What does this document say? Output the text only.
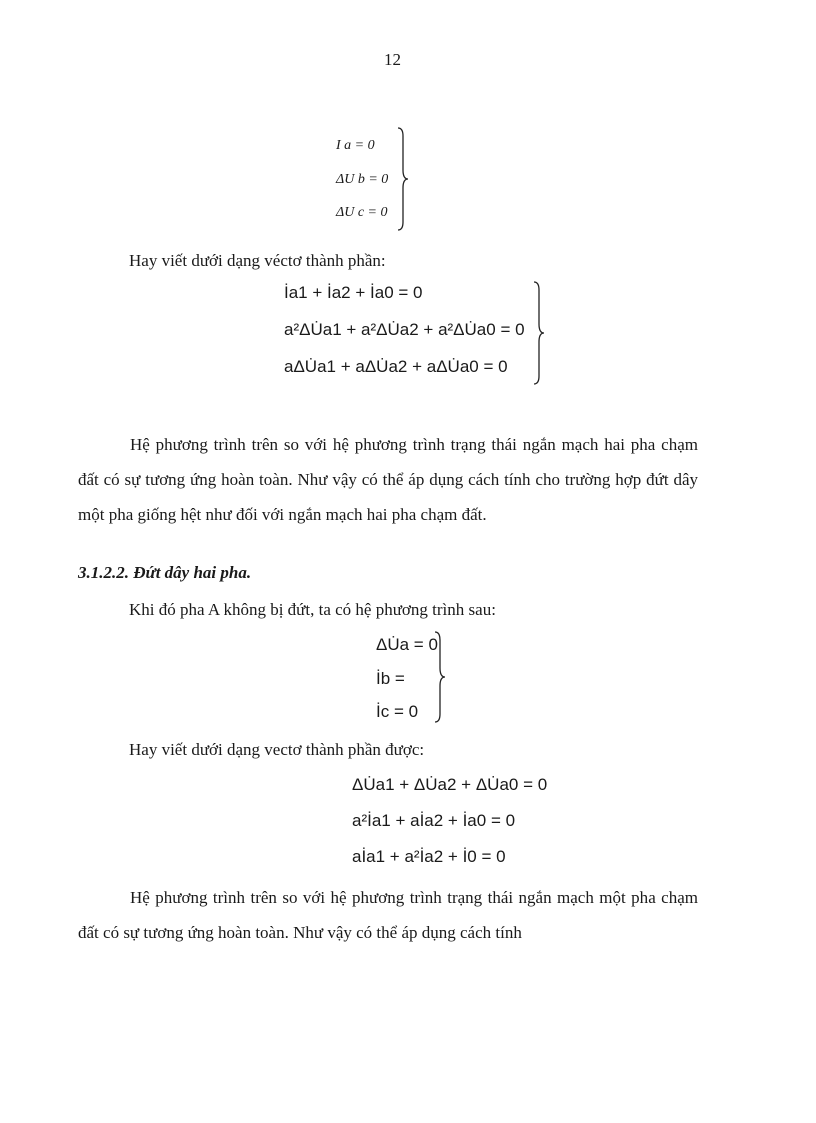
12
I a = 0
ΔU b = 0
ΔU c = 0
Hay viết dưới dạng véctơ thành phần:
İa1 + İa2 + İa0 = 0
a²ΔU̇a1 + a²ΔU̇a2 + a²ΔU̇a0 = 0
aΔU̇a1 + aΔU̇a2 + aΔU̇a0 = 0
Hệ phương trình trên so với hệ phương trình trạng thái ngắn mạch hai pha chạm đất có sự tương ứng hoàn toàn. Như vậy có thể áp dụng cách tính cho trường hợp đứt dây một pha giống hệt như đối với ngắn mạch hai pha chạm đất.
3.1.2.2. Đứt dây hai pha.
Khi đó pha A không bị đứt, ta có hệ phương trình sau:
ΔU̇a = 0
İb =
İc = 0
Hay viết dưới dạng vectơ thành phần được:
ΔU̇a1 + ΔU̇a2 + ΔU̇a0 = 0
a²İa1 + aİa2 + İa0 = 0
aİa1 + a²İa2 + İ0 = 0
Hệ phương trình trên so với hệ phương trình trạng thái ngắn mạch một pha chạm đất có sự tương ứng hoàn toàn. Như vậy có thể áp dụng cách tính
